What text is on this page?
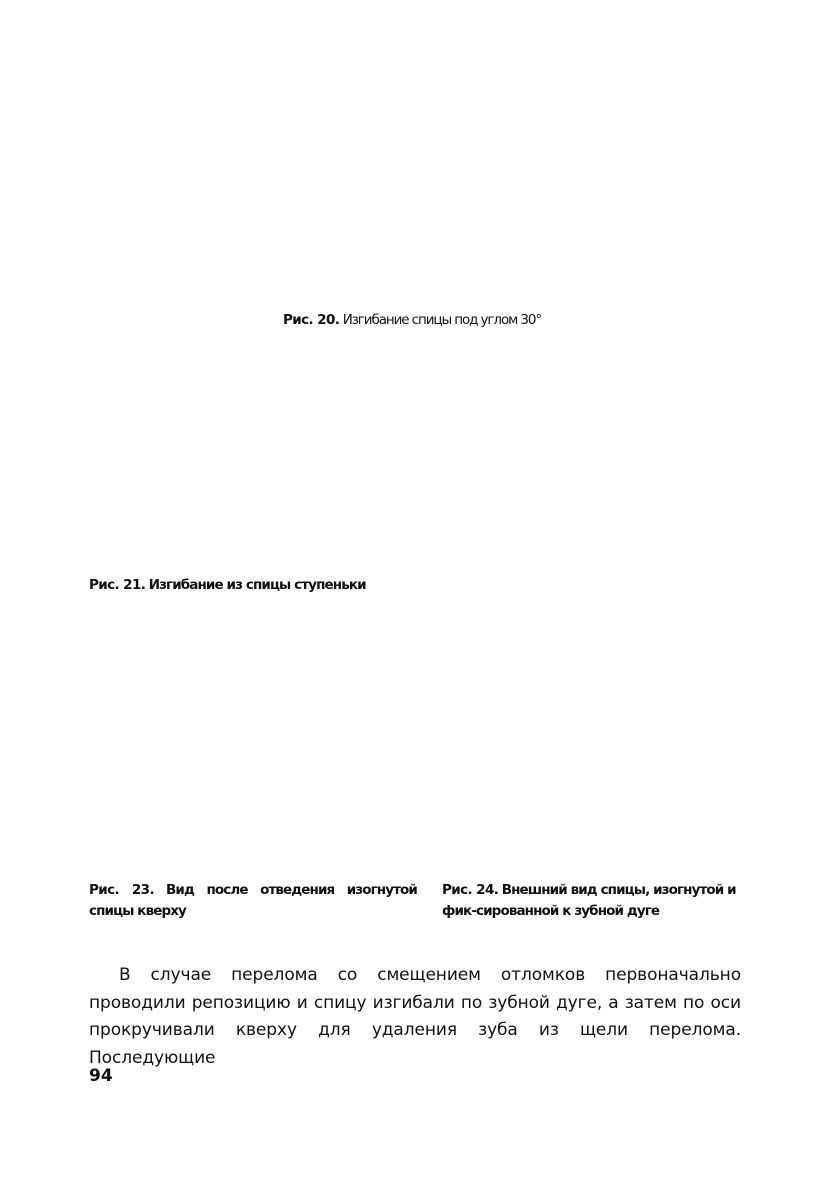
Рис. 20. Изгибание спицы под углом 30°

Рис. 21. Изгибание из спицы ступеньки

Рис. 23. Вид после отведения изогнутой спицы кверху

Рис. 24. Внешний вид спицы, изогнутой и фик-сированной к зубной дуге

В случае перелома со смещением отломков первоначально проводили репозицию и спицу изгибали по зубной дуге, а затем по оси прокручивали кверху для удаления зуба из щели перелома. Последующие

94
